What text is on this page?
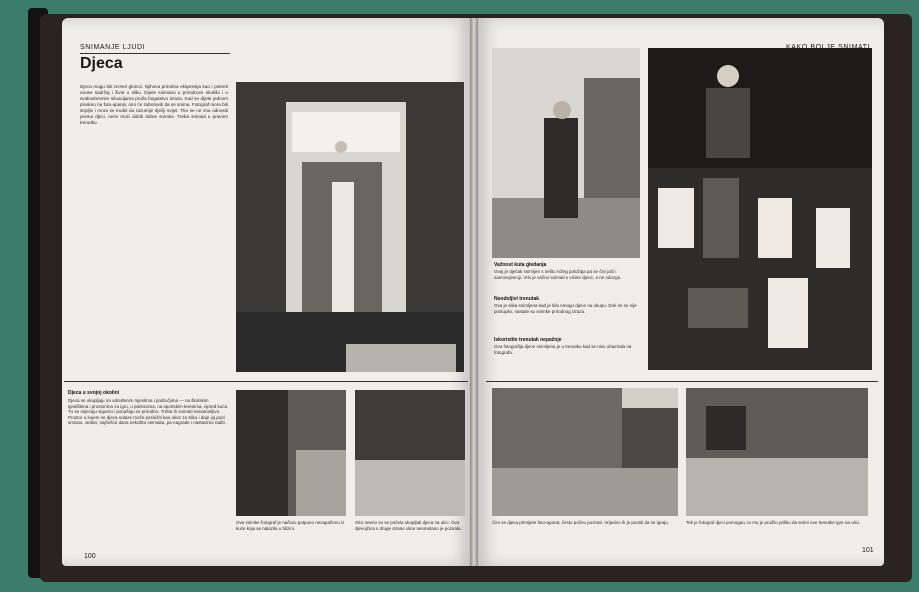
SNIMANJE LJUDI
Djeca
Djeca mogu biti izvrsni glumci. Njihova prirodna ekspresija kao i pokreti unose sadržaj i život u sliku. Dijete snimano u prirodnom okolišu i u svakodnevnim situacijama pruža bogatstvo izraza. Kad se dijete jednom priviknu na foto-aparat, ono će zaboraviti da se snima. Fotograf mora biti strpljiv i mora se truditi da razumije dječji svijet. Tko se ne zna odnositi prema djeci, neće moći dobiti dobre snimke. Treba snimati u pravom trenutku.
Djeca u svojoj okolini
Djeca se okupljaju na određenim mjestima i područjima — na školskim igralištima i prostorima za igru, u parkovima, na sportskim terenima, ispred kuća. Tu se osjećaju sigurno i ponašaju se prirodno. Treba ih snimati nenametljivo. Prostor u kojem se djeca nalaze može poslužiti kao okvir za sliku i daje joj puni smisao. Jedan, najčešće dana nekoliko snimaka, pa nagrade i nastavimo raditi.
Ove snimke fotograf je načinio potpuno nezapaženo iz kuće koja se nalazila u blizini.
Oko neeno su se počela okupljati djeca na ulici. Ova djevojčica s druge strane ulice nesmetano je pozirala.
100
Važnost kuta gledanja
Ovaj je dječak snimljen s nešto nižeg položaja pa se čini jači i samosvjesniji. Vrlo je važno snimati s visine djece, a ne odozgo.
Neodoljivi trenutak
Ova je slika snimljena kad je bilo mnogo djece na okupu. Dok im se nije pristupilo, nastale su snimke prirodnog izraza.
Iskoristite trenutak nepažnje
Ova fotografija djece snimljena je u trenutku kad se nisu obazirala na fotografa.
Čim se djeca primijete foto-aparat, često počnu pozirati. Vrijedno ih je pustiti da se igraju.	Tek je fotograf djeci pomogao, to mu je pružilo priliku da snimi ove trenutke igre na ulici.
101
